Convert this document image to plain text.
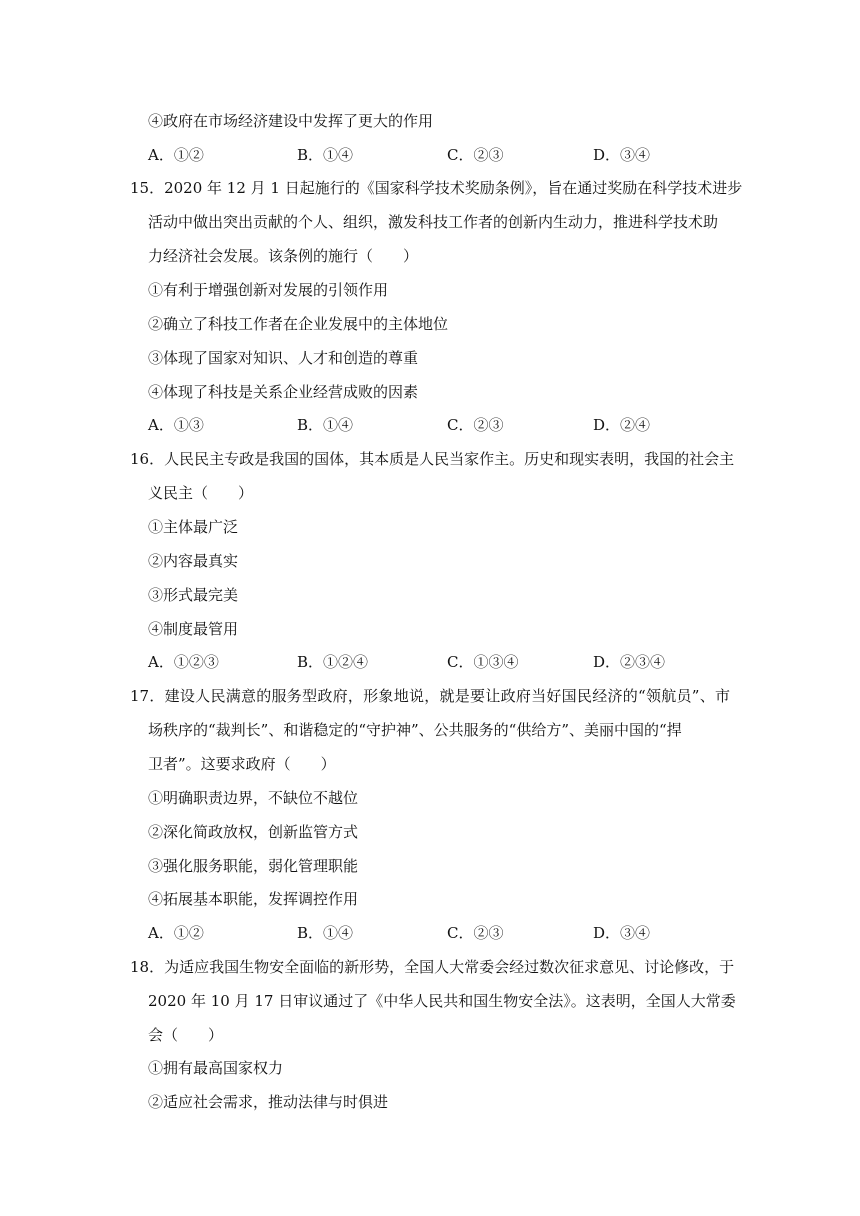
④政府在市场经济建设中发挥了更大的作用
A．①②	B．①④	C．②③	D．③④
15．2020 年 12 月 1 日起施行的《国家科学技术奖励条例》，旨在通过奖励在科学技术进步
活动中做出突出贡献的个人、组织，激发科技工作者的创新内生动力，推进科学技术助
力经济社会发展。该条例的施行（　　）
①有利于增强创新对发展的引领作用
②确立了科技工作者在企业发展中的主体地位
③体现了国家对知识、人才和创造的尊重
④体现了科技是关系企业经营成败的因素
A．①③	B．①④	C．②③	D．②④
16．人民民主专政是我国的国体，其本质是人民当家作主。历史和现实表明，我国的社会主
义民主（　　）
①主体最广泛
②内容最真实
③形式最完美
④制度最管用
A．①②③	B．①②④	C．①③④	D．②③④
17．建设人民满意的服务型政府，形象地说，就是要让政府当好国民经济的“领航员”、市
场秩序的“裁判长”、和谐稳定的“守护神”、公共服务的“供给方”、美丽中国的“捍
卫者”。这要求政府（　　）
①明确职责边界，不缺位不越位
②深化简政放权，创新监管方式
③强化服务职能，弱化管理职能
④拓展基本职能，发挥调控作用
A．①②	B．①④	C．②③	D．③④
18．为适应我国生物安全面临的新形势，全国人大常委会经过数次征求意见、讨论修改，于
2020 年 10 月 17 日审议通过了《中华人民共和国生物安全法》。这表明，全国人大常委
会（　　）
①拥有最高国家权力
②适应社会需求，推动法律与时俱进
